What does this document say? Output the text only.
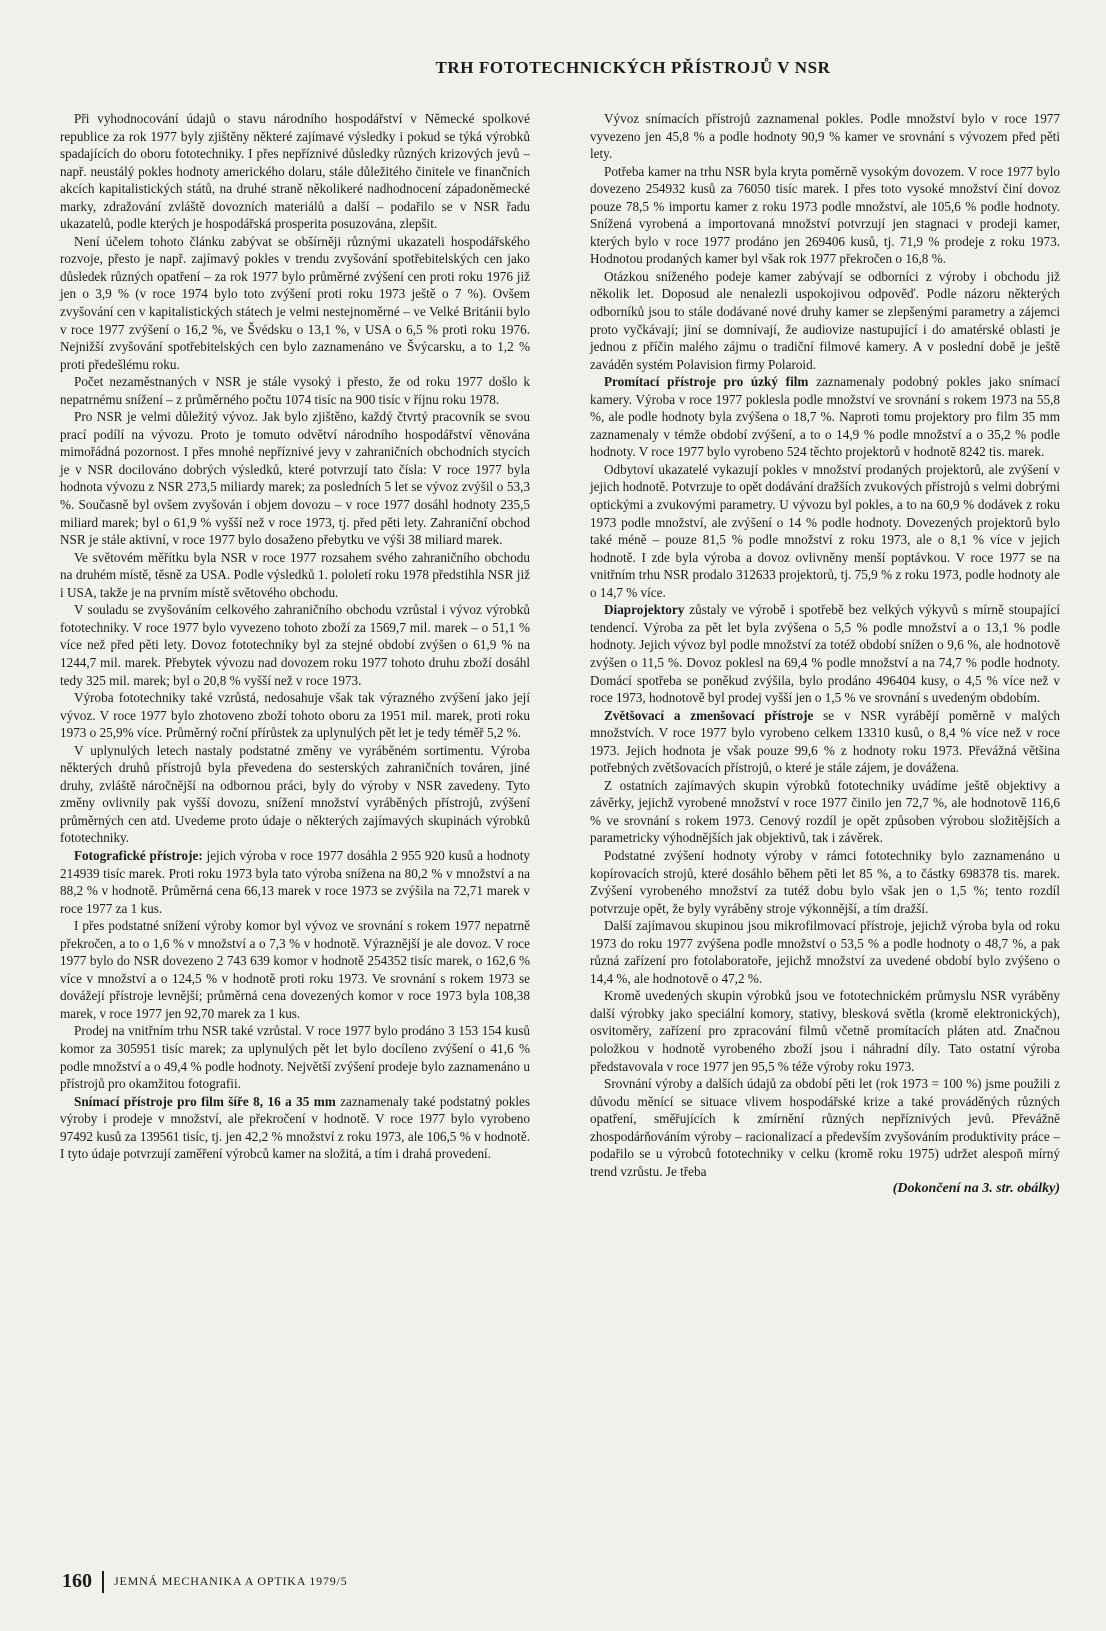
TRH FOTOTECHNICKÝCH PŘÍSTROJŮ V NSR

Při vyhodnocování údajů o stavu národního hospodářství v Německé spolkové republice za rok 1977 byly zjištěny některé zajímavé výsledky i pokud se týká výrobků spadajících do oboru fototechniky. I přes nepříznivé důsledky různých krizových jevů – např. neustálý pokles hodnoty amerického dolaru, stále důležitého činitele ve finančních akcích kapitalistických států, na druhé straně několikeré nadhodnocení západoněmecké marky, zdražování zvláště dovozních materiálů a další – podařilo se v NSR řadu ukazatelů, podle kterých je hospodářská prosperita posuzována, zlepšit.

Není účelem tohoto článku zabývat se obšírněji různými ukazateli hospodářského rozvoje, přesto je např. zajímavý pokles v trendu zvyšování spotřebitelských cen jako důsledek různých opatření – za rok 1977 bylo průměrné zvýšení cen proti roku 1976 již jen o 3,9 % (v roce 1974 bylo toto zvýšení proti roku 1973 ještě o 7 %). Ovšem zvyšování cen v kapitalistických státech je velmi nestejnoměrné – ve Velké Británii bylo v roce 1977 zvýšení o 16,2 %, ve Švédsku o 13,1 %, v USA o 6,5 % proti roku 1976. Nejnižší zvyšování spotřebitelských cen bylo zaznamenáno ve Švýcarsku, a to 1,2 % proti předešlému roku.

Počet nezaměstnaných v NSR je stále vysoký i přesto, že od roku 1977 došlo k nepatrnému snížení – z průměrného počtu 1074 tisíc na 900 tisíc v říjnu roku 1978.

Pro NSR je velmi důležitý vývoz. Jak bylo zjištěno, každý čtvrtý pracovník se svou prací podílí na vývozu. Proto je tomuto odvětví národního hospodářství věnována mimořádná pozornost. I přes mnohé nepříznivé jevy v zahraničních obchodních stycích je v NSR docilováno dobrých výsledků, které potvrzují tato čísla: V roce 1977 byla hodnota vývozu z NSR 273,5 miliardy marek; za posledních 5 let se vývoz zvýšil o 53,3 %. Současně byl ovšem zvyšován i objem dovozu – v roce 1977 dosáhl hodnoty 235,5 miliard marek; byl o 61,9 % vyšší než v roce 1973, tj. před pěti lety. Zahraniční obchod NSR je stále aktivní, v roce 1977 bylo dosaženo přebytku ve výši 38 miliard marek.

Ve světovém měřítku byla NSR v roce 1977 rozsahem svého zahraničního obchodu na druhém místě, těsně za USA. Podle výsledků 1. pololetí roku 1978 předstihla NSR již i USA, takže je na prvním místě světového obchodu.

V souladu se zvyšováním celkového zahraničního obchodu vzrůstal i vývoz výrobků fototechniky. V roce 1977 bylo vyvezeno tohoto zboží za 1569,7 mil. marek – o 51,1 % více než před pěti lety. Dovoz fototechniky byl za stejné období zvýšen o 61,9 % na 1244,7 mil. marek. Přebytek vývozu nad dovozem roku 1977 tohoto druhu zboží dosáhl tedy 325 mil. marek; byl o 20,8 % vyšší než v roce 1973.

Výroba fototechniky také vzrůstá, nedosahuje však tak výrazného zvýšení jako její vývoz. V roce 1977 bylo zhotoveno zboží tohoto oboru za 1951 mil. marek, proti roku 1973 o 25,9% více. Průměrný roční přírůstek za uplynulých pět let je tedy téměř 5,2 %.

V uplynulých letech nastaly podstatné změny ve vyráběném sortimentu. Výroba některých druhů přístrojů byla převedena do sesterských zahraničních továren, jiné druhy, zvláště náročnější na odbornou práci, byly do výroby v NSR zavedeny. Tyto změny ovlivnily pak vyšší dovozu, snížení množství vyráběných přístrojů, zvýšení průměrných cen atd. Uvedeme proto údaje o některých zajímavých skupinách výrobků fototechniky.

Fotografické přístroje: jejich výroba v roce 1977 dosáhla 2 955 920 kusů a hodnoty 214939 tisíc marek. Proti roku 1973 byla tato výroba snížena na 80,2 % v množství a na 88,2 % v hodnotě. Průměrná cena 66,13 marek v roce 1973 se zvýšila na 72,71 marek v roce 1977 za 1 kus.

I přes podstatné snížení výroby komor byl vývoz ve srovnání s rokem 1977 nepatrně překročen, a to o 1,6 % v množství a o 7,3 % v hodnotě. Výraznější je ale dovoz. V roce 1977 bylo do NSR dovezeno 2 743 639 komor v hodnotě 254352 tisíc marek, o 162,6 % více v množství a o 124,5 % v hodnotě proti roku 1973. Ve srovnání s rokem 1973 se dovážejí přístroje levnější; průměrná cena dovezených komor v roce 1973 byla 108,38 marek, v roce 1977 jen 92,70 marek za 1 kus.

Prodej na vnitřním trhu NSR také vzrůstal. V roce 1977 bylo prodáno 3 153 154 kusů komor za 305951 tisíc marek; za uplynulých pět let bylo docíleno zvýšení o 41,6 % podle množství a o 49,4 % podle hodnoty. Největší zvýšení prodeje bylo zaznamenáno u přístrojů pro okamžitou fotografii.

Snímací přístroje pro film šíře 8, 16 a 35 mm zaznamenaly také podstatný pokles výroby i prodeje v množství, ale překročení v hodnotě. V roce 1977 bylo vyrobeno 97492 kusů za 139561 tisíc, tj. jen 42,2 % množství z roku 1973, ale 106,5 % v hodnotě. I tyto údaje potvrzují zaměření výrobců kamer na složitá, a tím i drahá provedení.

Vývoz snímacích přístrojů zaznamenal pokles. Podle množství bylo v roce 1977 vyvezeno jen 45,8 % a podle hodnoty 90,9 % kamer ve srovnání s vývozem před pěti lety.

Potřeba kamer na trhu NSR byla kryta poměrně vysokým dovozem. V roce 1977 bylo dovezeno 254932 kusů za 76050 tisíc marek. I přes toto vysoké množství činí dovoz pouze 78,5 % importu kamer z roku 1973 podle množství, ale 105,6 % podle hodnoty. Snížená vyrobená a importovaná množství potvrzují jen stagnaci v prodeji kamer, kterých bylo v roce 1977 prodáno jen 269406 kusů, tj. 71,9 % prodeje z roku 1973. Hodnotou prodaných kamer byl však rok 1977 překročen o 16,8 %.

Otázkou sníženého podeje kamer zabývají se odborníci z výroby i obchodu již několik let. Doposud ale nenalezli uspokojivou odpověď. Podle názoru některých odborníků jsou to stále dodávané nové druhy kamer se zlepšenými parametry a zájemci proto vyčkávají; jiní se domnívají, že audiovize nastupující i do amatérské oblasti je jednou z příčin malého zájmu o tradiční filmové kamery. A v poslední době je ještě zaváděn systém Polavision firmy Polaroid.

Promítací přístroje pro úzký film zaznamenaly podobný pokles jako snímací kamery. Výroba v roce 1977 poklesla podle množství ve srovnání s rokem 1973 na 55,8 %, ale podle hodnoty byla zvýšena o 18,7 %. Naproti tomu projektory pro film 35 mm zaznamenaly v témže období zvýšení, a to o 14,9 % podle množství a o 35,2 % podle hodnoty. V roce 1977 bylo vyrobeno 524 těchto projektorů v hodnotě 8242 tis. marek.

Odbytoví ukazatelé vykazují pokles v množství prodaných projektorů, ale zvýšení v jejich hodnotě. Potvrzuje to opět dodávání dražších zvukových přístrojů s velmi dobrými optickými a zvukovými parametry. U vývozu byl pokles, a to na 60,9 % dodávek z roku 1973 podle množství, ale zvýšení o 14 % podle hodnoty. Dovezených projektorů bylo také méně – pouze 81,5 % podle množství z roku 1973, ale o 8,1 % více v jejich hodnotě. I zde byla výroba a dovoz ovlivněny menší poptávkou. V roce 1977 se na vnitřním trhu NSR prodalo 312633 projektorů, tj. 75,9 % z roku 1973, podle hodnoty ale o 14,7 % více.

Diaprojektory zůstaly ve výrobě i spotřebě bez velkých výkyvů s mírně stoupající tendencí. Výroba za pět let byla zvýšena o 5,5 % podle množství a o 13,1 % podle hodnoty. Jejich vývoz byl podle množství za totéž období snížen o 9,6 %, ale hodnotově zvýšen o 11,5 %. Dovoz poklesl na 69,4 % podle množství a na 74,7 % podle hodnoty. Domácí spotřeba se poněkud zvýšila, bylo prodáno 496404 kusy, o 4,5 % více než v roce 1973, hodnotově byl prodej vyšší jen o 1,5 % ve srovnání s uvedeným obdobím.

Zvětšovací a zmenšovací přístroje se v NSR vyrábějí poměrně v malých množstvích. V roce 1977 bylo vyrobeno celkem 13310 kusů, o 8,4 % více než v roce 1973. Jejich hodnota je však pouze 99,6 % z hodnoty roku 1973. Převážná většina potřebných zvětšovacích přístrojů, o které je stále zájem, je dovážena.

Z ostatních zajímavých skupin výrobků fototechniky uvádíme ještě objektivy a závěrky, jejichž vyrobené množství v roce 1977 činilo jen 72,7 %, ale hodnotově 116,6 % ve srovnání s rokem 1973. Cenový rozdíl je opět způsoben výrobou složitějších a parametricky výhodnějších jak objektivů, tak i závěrek.

Podstatné zvýšení hodnoty výroby v rámci fototechniky bylo zaznamenáno u kopírovacích strojů, které dosáhlo během pěti let 85 %, a to částky 698378 tis. marek. Zvýšení vyrobeného množství za tutéž dobu bylo však jen o 1,5 %; tento rozdíl potvrzuje opět, že byly vyráběny stroje výkonnější, a tím dražší.

Další zajímavou skupinou jsou mikrofilmovací přístroje, jejichž výroba byla od roku 1973 do roku 1977 zvýšena podle množství o 53,5 % a podle hodnoty o 48,7 %, a pak různá zařízení pro fotolaboratoře, jejichž množství za uvedené období bylo zvýšeno o 14,4 %, ale hodnotově o 47,2 %.

Kromě uvedených skupin výrobků jsou ve fototechnickém průmyslu NSR vyráběny další výrobky jako speciální komory, stativy, blesková světla (kromě elektronických), osvitoměry, zařízení pro zpracování filmů včetně promítacích pláten atd. Značnou položkou v hodnotě vyrobeného zboží jsou i náhradní díly. Tato ostatní výroba představovala v roce 1977 jen 95,5 % téže výroby roku 1973.

Srovnání výroby a dalších údajů za období pěti let (rok 1973 = 100 %) jsme použili z důvodu měnící se situace vlivem hospodářské krize a také prováděných různých opatření, směřujících k zmírnění různých nepříznivých jevů. Převážně zhospodárňováním výroby – racionalizací a především zvyšováním produktivity práce – podařilo se u výrobců fototechniky v celku (kromě roku 1975) udržet alespoň mírný trend vzrůstu. Je třeba

(Dokončení na 3. str. obálky)

160 JEMNÁ MECHANIKA A OPTIKA 1979/5
